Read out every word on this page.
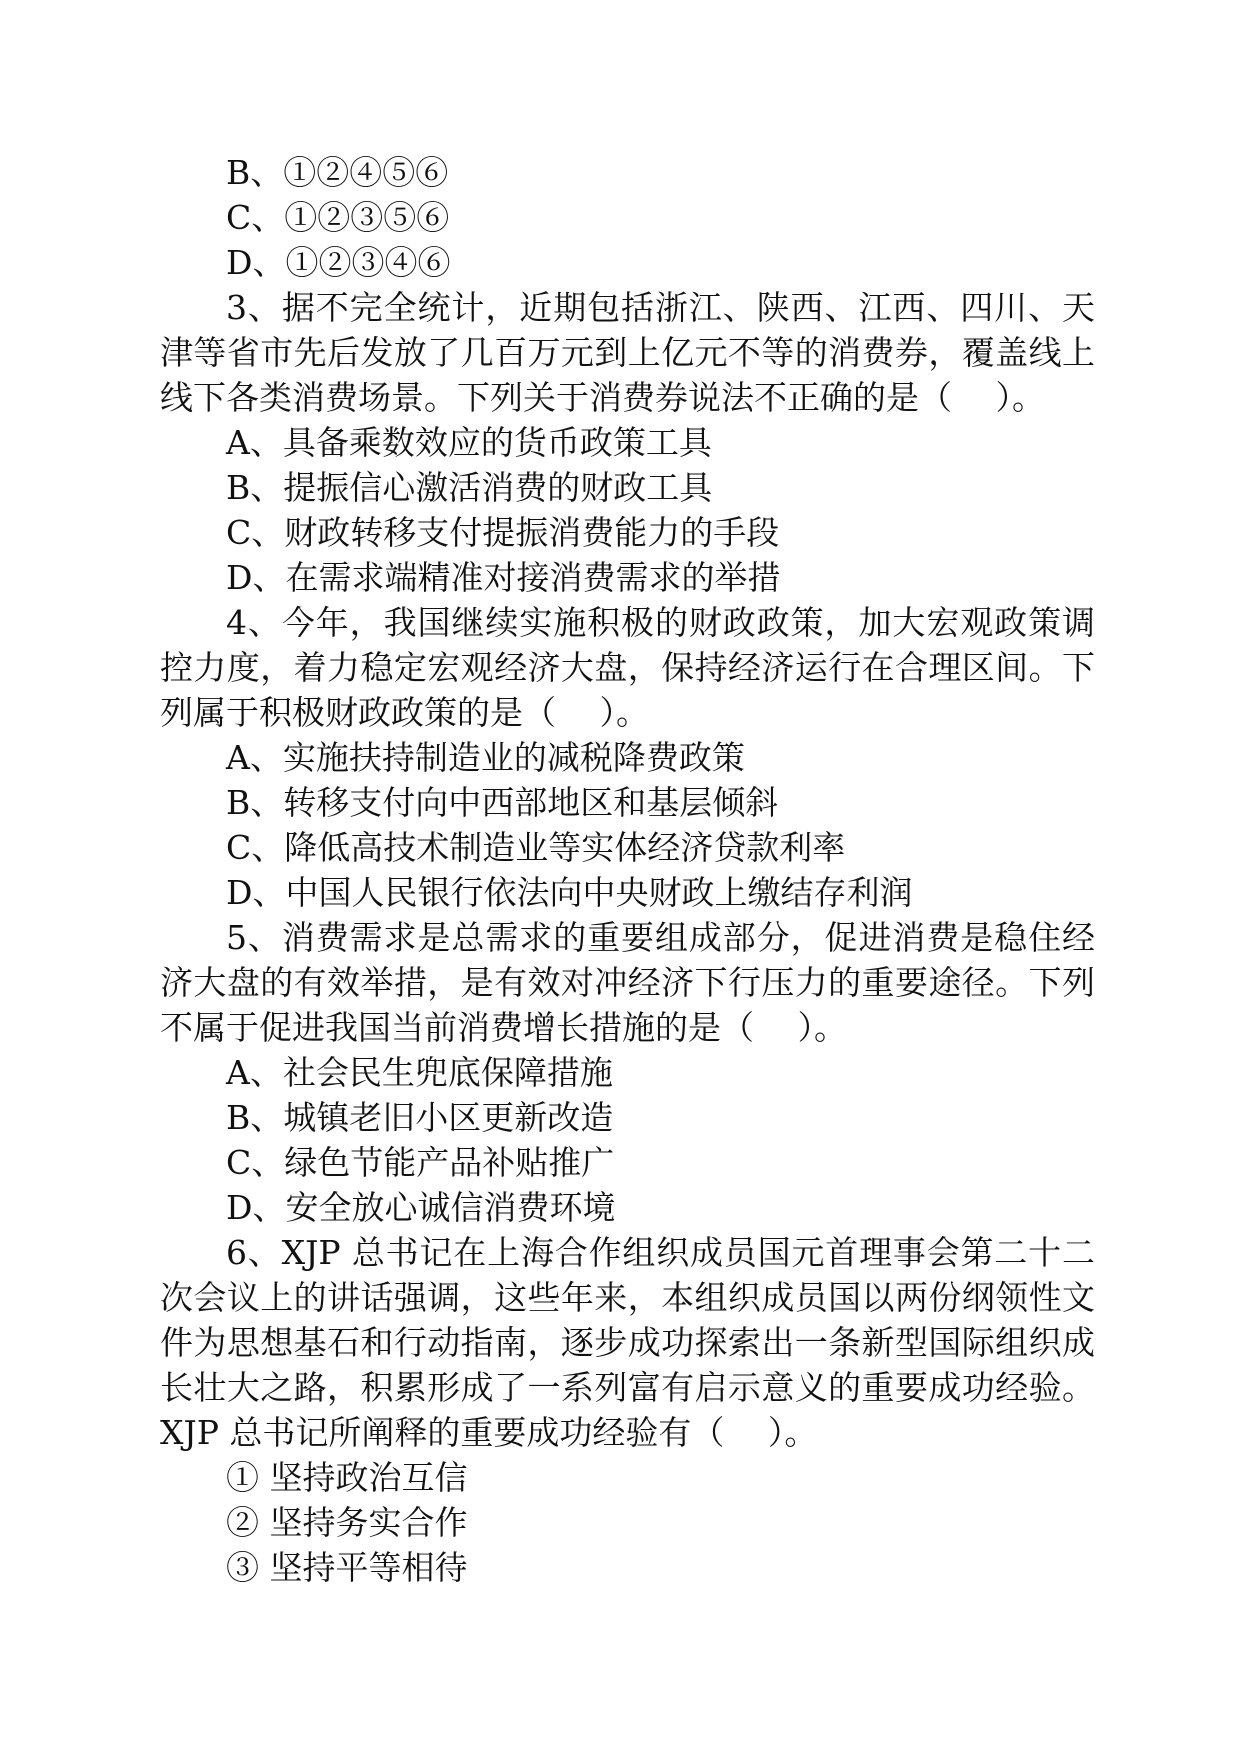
B、①②④⑤⑥

C、①②③⑤⑥

D、①②③④⑥

3、据不完全统计，近期包括浙江、陕西、江西、四川、天津等省市先后发放了几百万元到上亿元不等的消费券，覆盖线上线下各类消费场景。下列关于消费券说法不正确的是（　 ）。

A、具备乘数效应的货币政策工具

B、提振信心激活消费的财政工具

C、财政转移支付提振消费能力的手段

D、在需求端精准对接消费需求的举措

4、今年，我国继续实施积极的财政政策，加大宏观政策调控力度，着力稳定宏观经济大盘，保持经济运行在合理区间。下列属于积极财政政策的是（　 ）。

A、实施扶持制造业的减税降费政策

B、转移支付向中西部地区和基层倾斜

C、降低高技术制造业等实体经济贷款利率

D、中国人民银行依法向中央财政上缴结存利润

5、消费需求是总需求的重要组成部分，促进消费是稳住经济大盘的有效举措，是有效对冲经济下行压力的重要途径。下列不属于促进我国当前消费增长措施的是（　 ）。

A、社会民生兜底保障措施

B、城镇老旧小区更新改造

C、绿色节能产品补贴推广

D、安全放心诚信消费环境

6、XJP 总书记在上海合作组织成员国元首理事会第二十二次会议上的讲话强调，这些年来，本组织成员国以两份纲领性文件为思想基石和行动指南，逐步成功探索出一条新型国际组织成长壮大之路，积累形成了一系列富有启示意义的重要成功经验。XJP 总书记所阐释的重要成功经验有（　 ）。

① 坚持政治互信

② 坚持务实合作

③ 坚持平等相待
